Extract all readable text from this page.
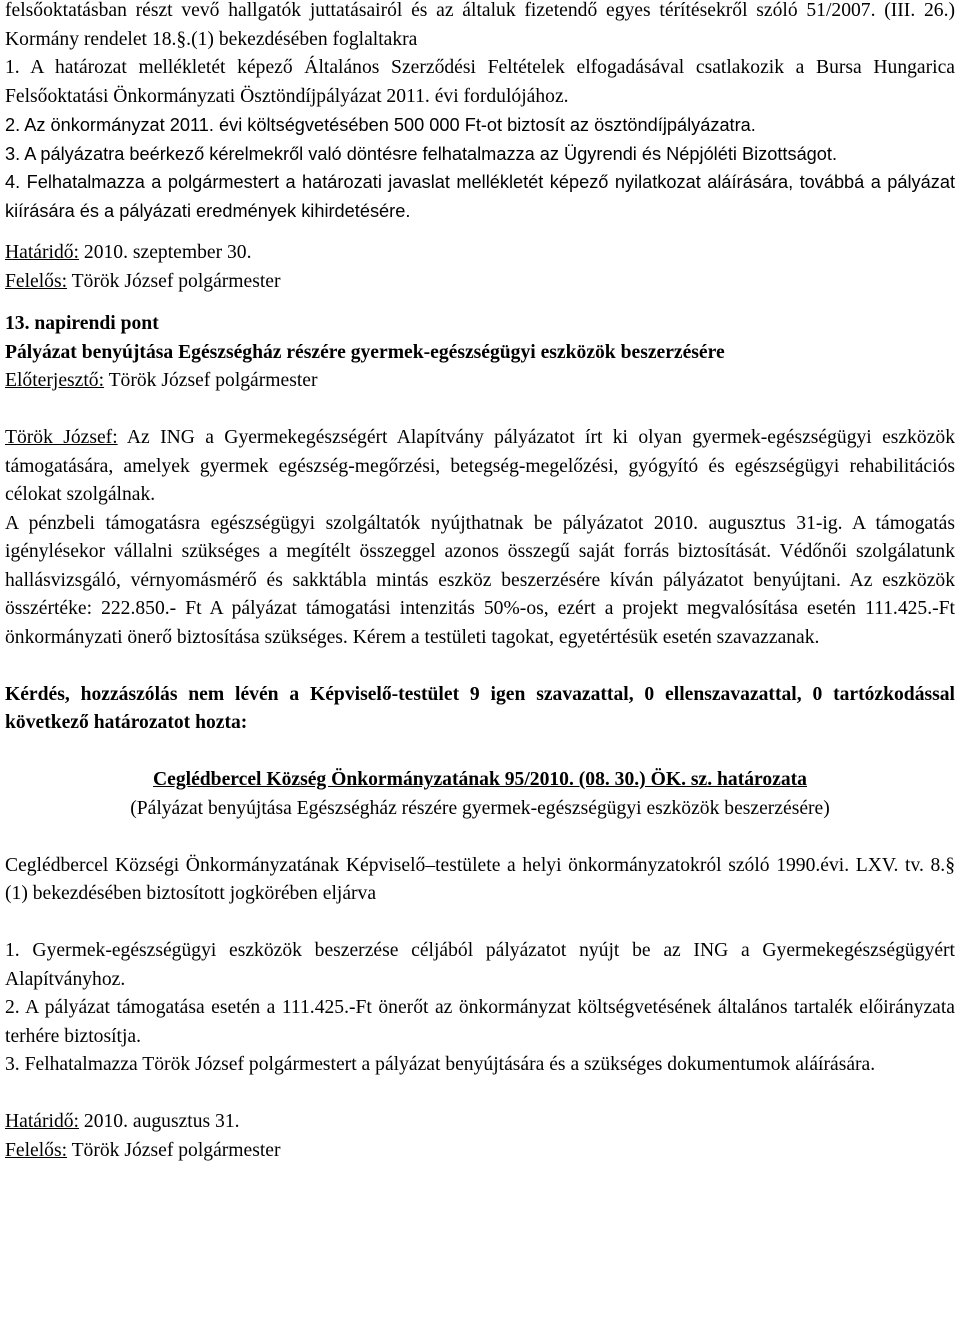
felsőoktatásban részt vevő hallgatók juttatásairól és az általuk fizetendő egyes térítésekről szóló 51/2007. (III. 26.) Kormány rendelet 18.§.(1) bekezdésében foglaltakra

1. A határozat mellékletét képező Általános Szerződési Feltételek elfogadásával csatlakozik a Bursa Hungarica Felsőoktatási Önkormányzati Ösztöndíjpályázat 2011. évi fordulójához.

2. Az önkormányzat 2011. évi költségvetésében 500 000 Ft-ot biztosít az ösztöndíjpályázatra.

3. A pályázatra beérkező kérelmekről való döntésre felhatalmazza az Ügyrendi és Népjóléti Bizottságot.

4. Felhatalmazza a polgármestert a határozati javaslat mellékletét képező nyilatkozat aláírására, továbbá a pályázat kiírására és a pályázati eredmények kihirdetésére.

Határidő: 2010. szeptember 30.

Felelős: Török József polgármester

13. napirendi pont

Pályázat benyújtása Egészségház részére gyermek-egészségügyi eszközök beszerzésére

Előterjesztő: Török József polgármester

Török József: Az ING a Gyermekegészségért Alapítvány pályázatot írt ki olyan gyermek-egészségügyi eszközök támogatására, amelyek gyermek egészség-megőrzési, betegség-megelőzési, gyógyító és egészségügyi rehabilitációs célokat szolgálnak.

A pénzbeli támogatásra egészségügyi szolgáltatók nyújthatnak be pályázatot 2010. augusztus 31-ig. A támogatás igénylésekor vállalni szükséges a megítélt összeggel azonos összegű saját forrás biztosítását. Védőnői szolgálatunk hallásvizsgáló, vérnyomásmérő és sakktábla mintás eszköz beszerzésére kíván pályázatot benyújtani. Az eszközök összértéke: 222.850.- Ft A pályázat támogatási intenzitás 50%-os, ezért a projekt megvalósítása esetén 111.425.-Ft önkormányzati önerő biztosítása szükséges. Kérem a testületi tagokat, egyetértésük esetén szavazzanak.

Kérdés, hozzászólás nem lévén a Képviselő-testület 9 igen szavazattal, 0 ellenszavazattal, 0 tartózkodással következő határozatot hozta:

Ceglédbercel Község Önkormányzatának 95/2010. (08. 30.) ÖK. sz. határozata

(Pályázat benyújtása Egészségház részére gyermek-egészségügyi eszközök beszerzésére)

Ceglédbercel Községi Önkormányzatának Képviselő–testülete a helyi önkormányzatokról szóló 1990.évi. LXV. tv. 8.§ (1) bekezdésében biztosított jogkörében eljárva

1. Gyermek-egészségügyi eszközök beszerzése céljából pályázatot nyújt be az ING a Gyermekegészségügyért Alapítványhoz.

2. A pályázat támogatása esetén a 111.425.-Ft önerőt az önkormányzat költségvetésének általános tartalék előirányzata terhére biztosítja.

3. Felhatalmazza Török József polgármestert a pályázat benyújtására és a szükséges dokumentumok aláírására.

Határidő: 2010. augusztus 31.

Felelős: Török József polgármester
